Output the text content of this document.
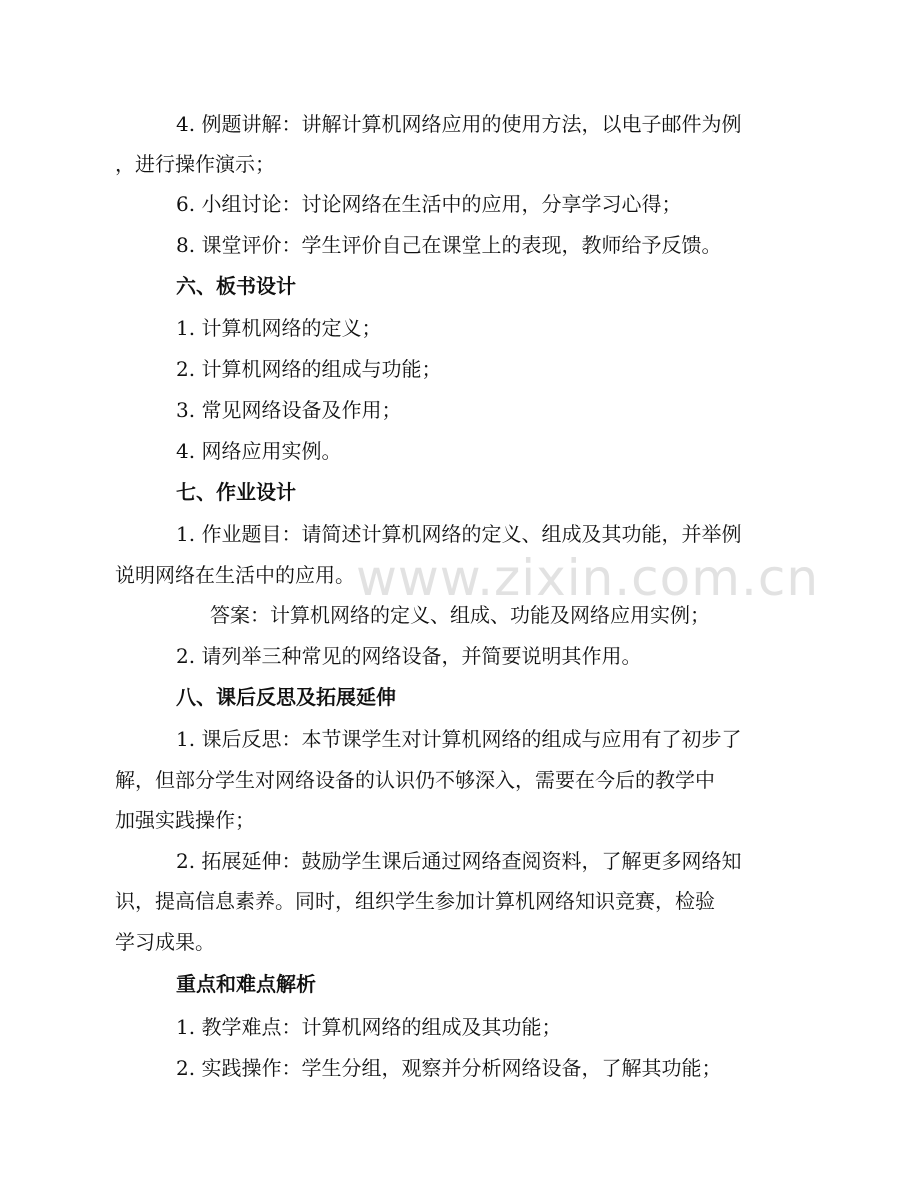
4. 例题讲解：讲解计算机网络应用的使用方法，以电子邮件为例
，进行操作演示；
6. 小组讨论：讨论网络在生活中的应用，分享学习心得；
8. 课堂评价：学生评价自己在课堂上的表现，教师给予反馈。
六、板书设计
1. 计算机网络的定义；
2. 计算机网络的组成与功能；
3. 常见网络设备及作用；
4. 网络应用实例。
七、作业设计
1. 作业题目：请简述计算机网络的定义、组成及其功能，并举例
说明网络在生活中的应用。
答案：计算机网络的定义、组成、功能及网络应用实例；
2. 请列举三种常见的网络设备，并简要说明其作用。
八、课后反思及拓展延伸
1. 课后反思：本节课学生对计算机网络的组成与应用有了初步了
解，但部分学生对网络设备的认识仍不够深入，需要在今后的教学中
加强实践操作；
2. 拓展延伸：鼓励学生课后通过网络查阅资料，了解更多网络知
识，提高信息素养。同时，组织学生参加计算机网络知识竞赛，检验
学习成果。
重点和难点解析
1. 教学难点：计算机网络的组成及其功能；
2. 实践操作：学生分组，观察并分析网络设备，了解其功能；
www.zixin.com.cn
